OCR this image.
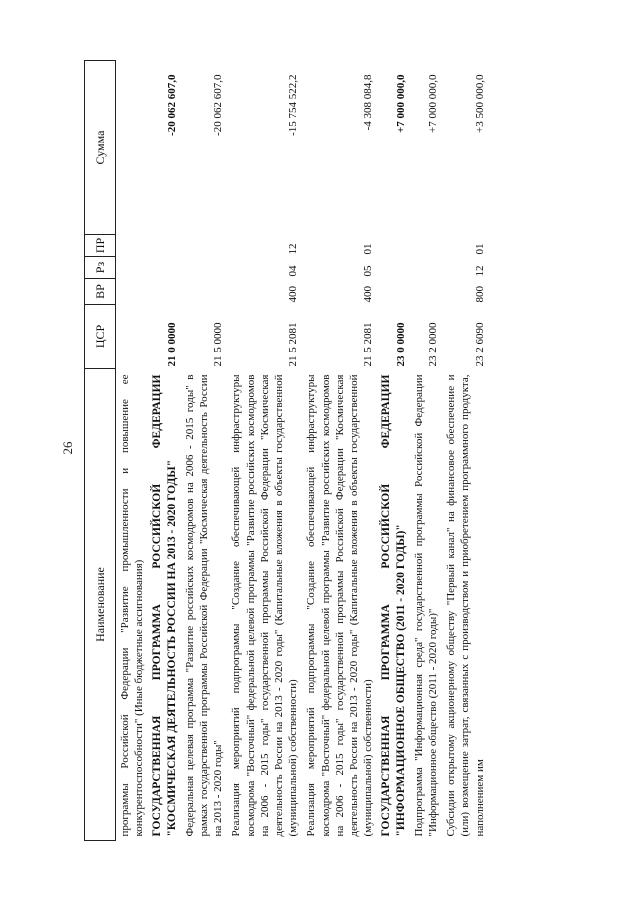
26
Наименование	ЦСР	ВР	Рз	ПР	Сумма
программы Российской Федерации "Развитие промышленности и повышение ее конкурентоспособности" (Иные бюджетные ассигнования)					
ГОСУДАРСТВЕННАЯ ПРОГРАММА РОССИЙСКОЙ ФЕДЕРАЦИИ "КОСМИЧЕСКАЯ ДЕЯТЕЛЬНОСТЬ РОССИИ НА 2013 - 2020 ГОДЫ"	21 0 0000				-20 062 607,0
Федеральная целевая программа "Развитие российских космодромов на 2006 - 2015 годы" в рамках государственной программы Российской Федерации "Космическая деятельность России на 2013 - 2020 годы"	21 5 0000				-20 062 607,0
Реализация мероприятий подпрограммы "Создание обеспечивающей инфраструктуры космодрома "Восточный" федеральной целевой программы "Развитие российских космодромов на 2006 - 2015 годы" государственной программы Российской Федерации "Космическая деятельность России на 2013 - 2020 годы" (Капитальные вложения в объекты государственной (муниципальной) собственности)	21 5 2081	400	04	12	-15 754 522,2
Реализация мероприятий подпрограммы "Создание обеспечивающей инфраструктуры космодрома "Восточный" федеральной целевой программы "Развитие российских космодромов на 2006 - 2015 годы" государственной программы Российской Федерации "Космическая деятельность России на 2013 - 2020 годы" (Капитальные вложения в объекты государственной (муниципальной) собственности)	21 5 2081	400	05	01	-4 308 084,8
ГОСУДАРСТВЕННАЯ ПРОГРАММА РОССИЙСКОЙ ФЕДЕРАЦИИ "ИНФОРМАЦИОННОЕ ОБЩЕСТВО (2011 - 2020 ГОДЫ)"	23 0 0000				+7 000 000,0
Подпрограмма "Информационная среда" государственной программы Российской Федерации "Информационное общество (2011 - 2020 годы)"	23 2 0000				+7 000 000,0
Субсидии открытому акционерному обществу "Первый канал" на финансовое обеспечение и (или) возмещение затрат, связанных с производством и приобретением программного продукта, наполнением им	23 2 6090	800	12	01	+3 500 000,0
